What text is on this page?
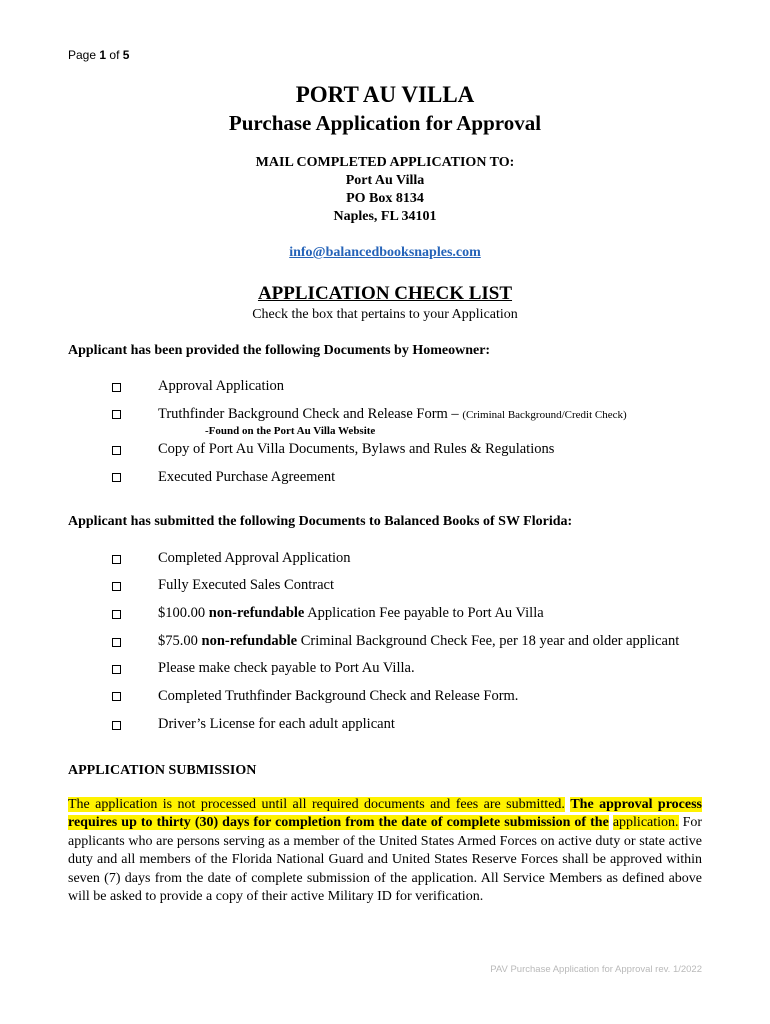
Page 1 of 5
PORT AU VILLA
Purchase Application for Approval
MAIL COMPLETED APPLICATION TO:
Port Au Villa
PO Box 8134
Naples, FL 34101
info@balancedbooksnaples.com
APPLICATION CHECK LIST
Check the box that pertains to your Application
Applicant has been provided the following Documents by Homeowner:
Approval Application
Truthfinder Background Check and Release Form – (Criminal Background/Credit Check)
-Found on the Port Au Villa Website
Copy of Port Au Villa Documents, Bylaws and Rules & Regulations
Executed Purchase Agreement
Applicant has submitted the following Documents to Balanced Books of SW Florida:
Completed Approval Application
Fully Executed Sales Contract
$100.00 non-refundable Application Fee payable to Port Au Villa
$75.00 non-refundable Criminal Background Check Fee, per 18 year and older applicant
Please make check payable to Port Au Villa.
Completed Truthfinder Background Check and Release Form.
Driver’s License for each adult applicant
APPLICATION SUBMISSION
The application is not processed until all required documents and fees are submitted. The approval process requires up to thirty (30) days for completion from the date of complete submission of the application. For applicants who are persons serving as a member of the United States Armed Forces on active duty or state active duty and all members of the Florida National Guard and United States Reserve Forces shall be approved within seven (7) days from the date of complete submission of the application. All Service Members as defined above will be asked to provide a copy of their active Military ID for verification.
PAV Purchase Application for Approval rev. 1/2022
